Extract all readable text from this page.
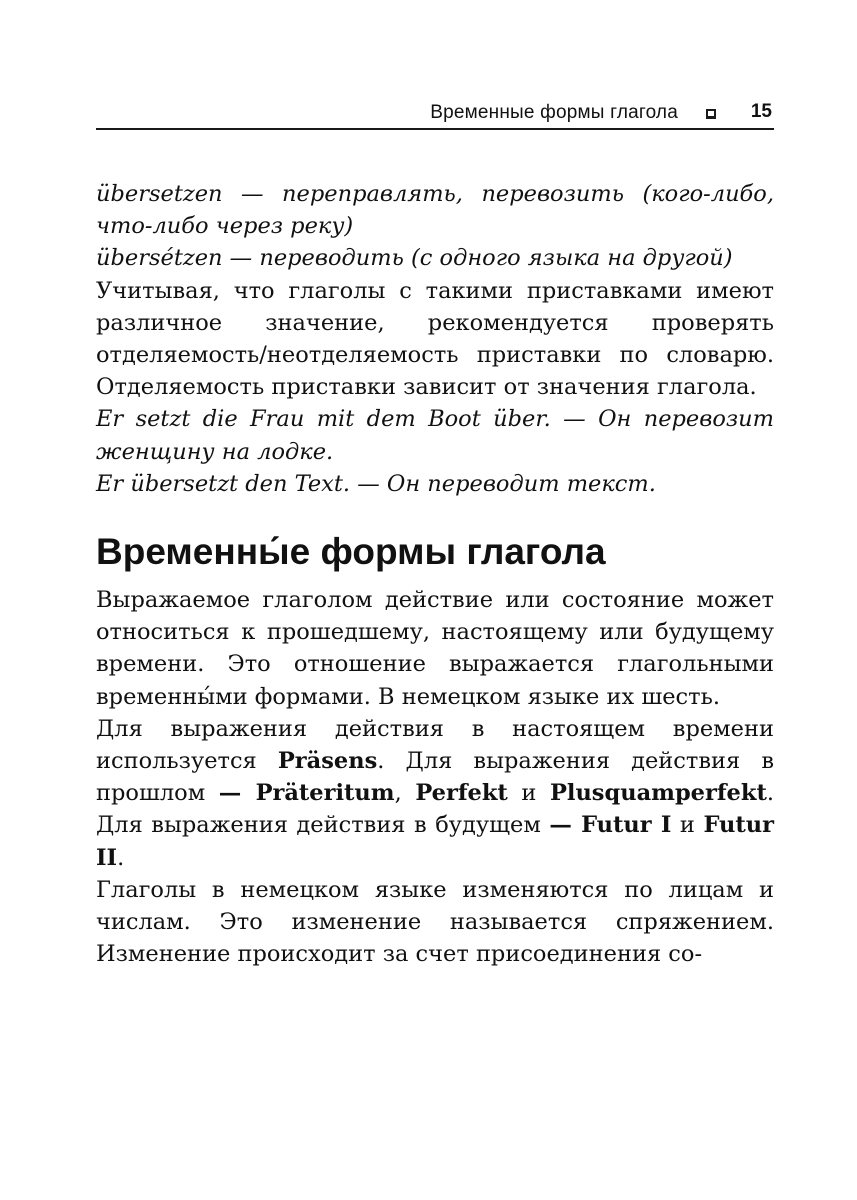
Временные формы глагола	15

übersetzen — переправлять, перевозить (кого-либо, что-либо через реку)

übersétzen — переводить (с одного языка на другой)

Учитывая, что глаголы с такими приставками имеют различное значение, рекомендуется проверять отделяемость/неотделяемость приставки по словарю. Отделяемость приставки зависит от значения глагола.

Er setzt die Frau mit dem Boot über. — Он перевозит женщину на лодке.

Er übersetzt den Text. — Он переводит текст.

Временны́е формы глагола

Выражаемое глаголом действие или состояние может относиться к прошедшему, настоящему или будущему времени. Это отношение выражается глагольными временны́ми формами. В немецком языке их шесть.

Для выражения действия в настоящем времени используется Präsens. Для выражения действия в прошлом — Präteritum, Perfekt и Plusquamperfekt. Для выражения действия в будущем — Futur I и Futur II.

Глаголы в немецком языке изменяются по лицам и числам. Это изменение называется спряжением. Изменение происходит за счет присоединения со-
